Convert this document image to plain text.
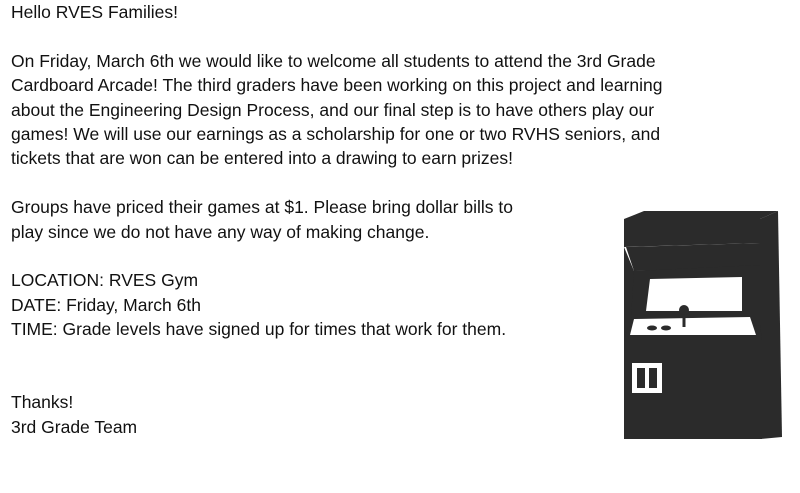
Hello RVES Families!

On Friday, March 6th we would like to welcome all students to attend the 3rd Grade

Cardboard Arcade! The third graders have been working on this project and learning

about the Engineering Design Process, and our final step is to have others play our

games! We will use our earnings as a scholarship for one or two RVHS seniors, and

tickets that are won can be entered into a drawing to earn prizes!

Groups have priced their games at $1. Please bring dollar bills to

play since we do not have any way of making change.

LOCATION: RVES Gym

DATE: Friday, March 6th

TIME: Grade levels have signed up for times that work for them.

Thanks!

3rd Grade Team
